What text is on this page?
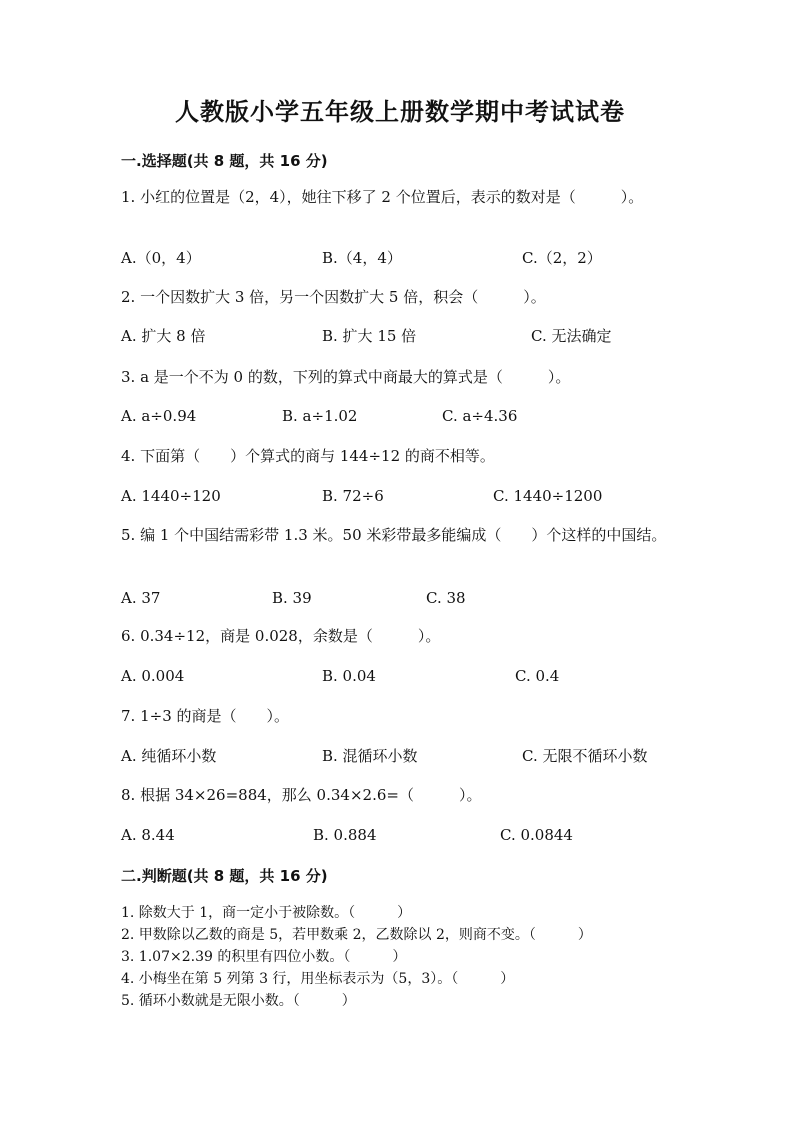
人教版小学五年级上册数学期中考试试卷
一.选择题(共 8 题，共 16 分)
1. 小红的位置是（2，4），她往下移了 2 个位置后，表示的数对是（　　　）。
A.（0，4）	B.（4，4）	C.（2，2）
2. 一个因数扩大 3 倍，另一个因数扩大 5 倍，积会（　　　）。
A. 扩大 8 倍	B. 扩大 15 倍	C. 无法确定
3. a 是一个不为 0 的数，下列的算式中商最大的算式是（　　　）。
A. a÷0.94	B. a÷1.02	C. a÷4.36
4. 下面第（　　）个算式的商与 144÷12 的商不相等。
A. 1440÷120	B. 72÷6	C. 1440÷1200
5. 编 1 个中国结需彩带 1.3 米。50 米彩带最多能编成（　　）个这样的中国结。
A. 37	B. 39	C. 38
6. 0.34÷12，商是 0.028，余数是（　　　）。
A. 0.004	B. 0.04	C. 0.4
7. 1÷3 的商是（　　）。
A. 纯循环小数	B. 混循环小数	C. 无限不循环小数
8. 根据 34×26=884，那么 0.34×2.6=（　　　）。
A. 8.44	B. 0.884	C. 0.0844
二.判断题(共 8 题，共 16 分)
1. 除数大于 1，商一定小于被除数。（　　　）
2. 甲数除以乙数的商是 5，若甲数乘 2，乙数除以 2，则商不变。（　　　）
3. 1.07×2.39 的积里有四位小数。（　　　）
4. 小梅坐在第 5 列第 3 行，用坐标表示为（5，3）。（　　　）
5. 循环小数就是无限小数。（　　　）
